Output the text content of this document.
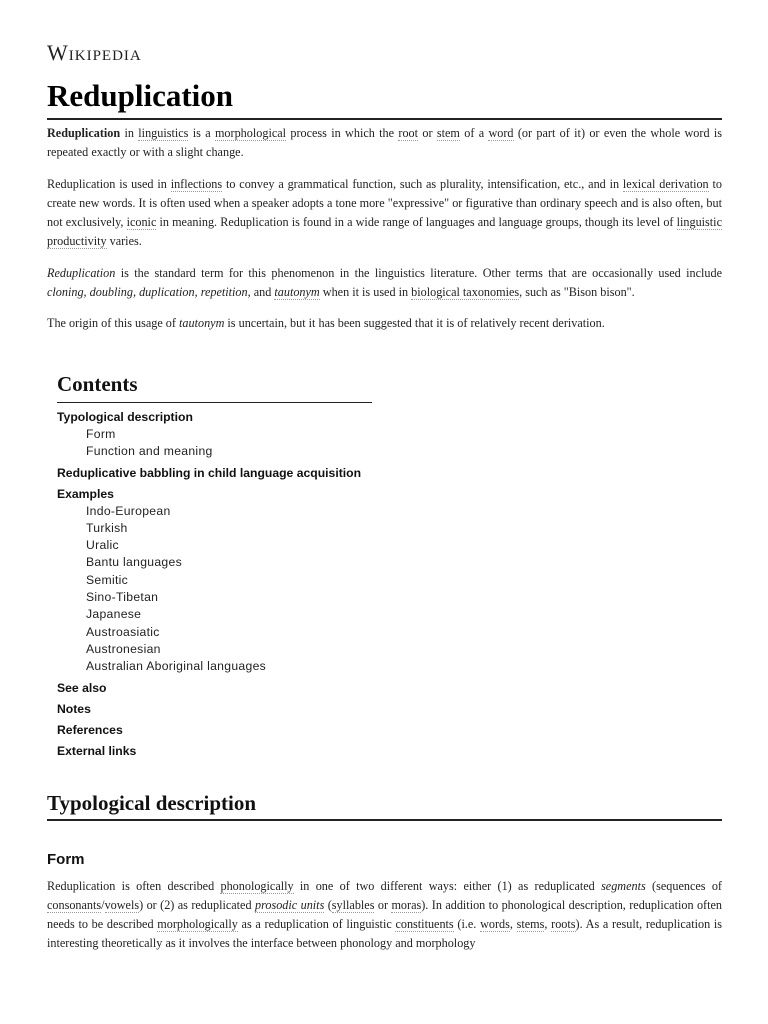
Wikipedia
Reduplication

Reduplication in linguistics is a morphological process in which the root or stem of a word (or part of it) or even the whole word is repeated exactly or with a slight change.

Reduplication is used in inflections to convey a grammatical function, such as plurality, intensification, etc., and in lexical derivation to create new words. It is often used when a speaker adopts a tone more "expressive" or figurative than ordinary speech and is also often, but not exclusively, iconic in meaning. Reduplication is found in a wide range of languages and language groups, though its level of linguistic productivity varies.

Reduplication is the standard term for this phenomenon in the linguistics literature. Other terms that are occasionally used include cloning, doubling, duplication, repetition, and tautonym when it is used in biological taxonomies, such as "Bison bison".

The origin of this usage of tautonym is uncertain, but it has been suggested that it is of relatively recent derivation.

Contents
Typological description
Form
Function and meaning
Reduplicative babbling in child language acquisition
Examples
Indo-European
Turkish
Uralic
Bantu languages
Semitic
Sino-Tibetan
Japanese
Austroasiatic
Austronesian
Australian Aboriginal languages
See also
Notes
References
External links
Typological description
Form

Reduplication is often described phonologically in one of two different ways: either (1) as reduplicated segments (sequences of consonants/vowels) or (2) as reduplicated prosodic units (syllables or moras). In addition to phonological description, reduplication often needs to be described morphologically as a reduplication of linguistic constituents (i.e. words, stems, roots). As a result, reduplication is interesting theoretically as it involves the interface between phonology and morphology
